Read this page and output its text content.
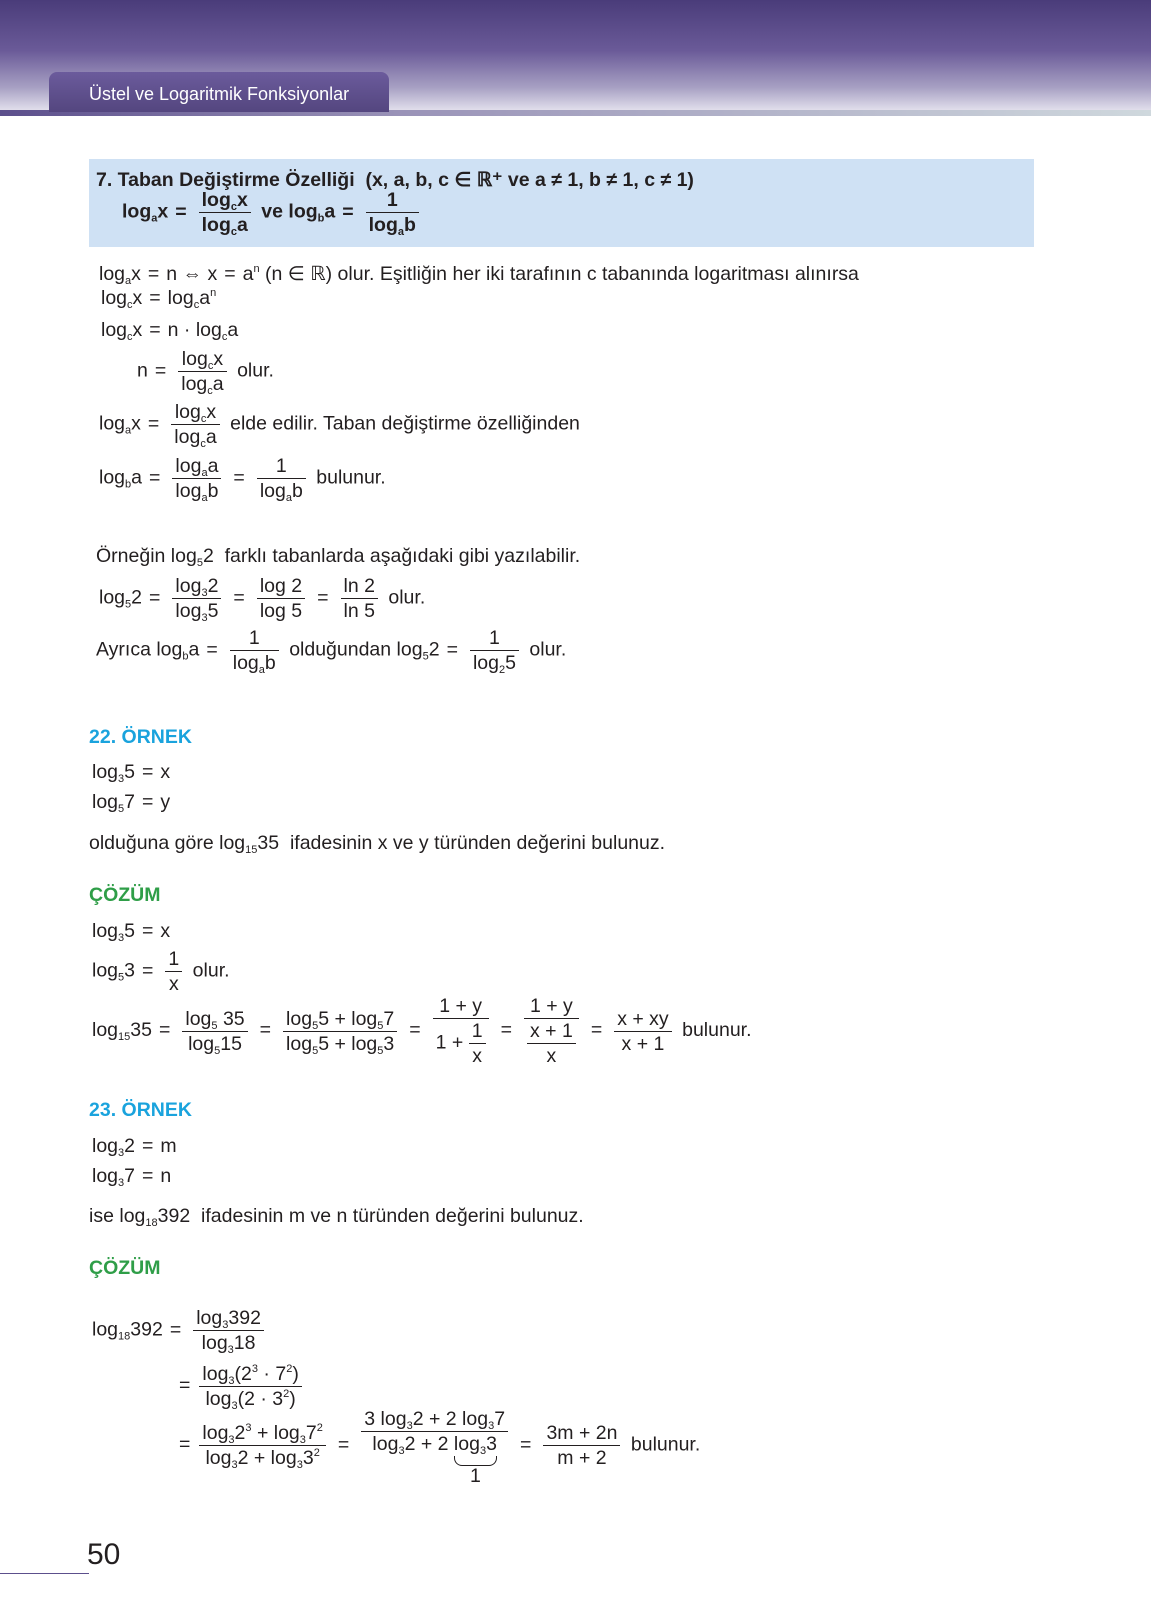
Üstel ve Logaritmik Fonksiyonlar
7. Taban Değiştirme Özelliği (x, a, b, c ∈ ℝ⁺ ve a ≠ 1, b ≠ 1, c ≠ 1)
$\log_ax = \frac{\log_cx}{\log_ca}$ ve $\log_ba = \frac{1}{\log_ab}$
$\log_ax = n$ ⇔ $x = a^n$ (n ∈ ℝ) olur. Eşitliğin her iki tarafının c tabanında logaritması alınırsa
$\log_cx = \log_ca^n$
$\log_cx = n \cdot \log_ca$
$n = \frac{\log_cx}{\log_ca}$ olur.
$\log_ax = \frac{\log_cx}{\log_ca}$ elde edilir. Taban değiştirme özelliğinden
$\log_ba = \frac{\log_aa}{\log_ab} = \frac{1}{\log_ab}$ bulunur.
Örneğin $\log_52$  farklı tabanlarda aşağıdaki gibi yazılabilir.
$\log_52 = \frac{\log_32}{\log_35} = \frac{\log 2}{\log 5} = \frac{\ln 2}{\ln 5}$ olur.
Ayrıca $\log_ba = \frac{1}{\log_ab}$ olduğundan $\log_52 = \frac{1}{\log_25}$ olur.
22. ÖRNEK
$\log_35 = x$
$\log_57 = y$
olduğuna göre $\log_{15}35$  ifadesinin x ve y türünden değerini bulunuz.
ÇÖZÜM
$\log_35 = x$
$\log_53 = \frac{1}{x}$ olur.
$\log_{15}35 = \frac{\log_5 35}{\log_515} = \frac{\log_55 + \log_57}{\log_55 + \log_53} = \frac{1 + y}{1 + \frac{1}{x}} = \frac{1 + y}{\frac{x + 1}{x}} = \frac{x + xy}{x + 1}$ bulunur.
23. ÖRNEK
$\log_32 = m$
$\log_37 = n$
ise $\log_{18}392$  ifadesinin m ve n türünden değerini bulunuz.
ÇÖZÜM
$\log_{18}392 = \frac{\log_3392}{\log_318}$
= $\frac{\log_3(2^3 \cdot 7^2)}{\log_3(2 \cdot 3^2)}$
= $\frac{\log_32^3 + \log_37^2}{\log_32 + \log_33^2} = 3$ $\log_32 + 2$ $\log_37$
$\log_32 + 2$ $\log_33$
$1 = \frac{3m + 2n}{m + 2}$ bulunur.
50
